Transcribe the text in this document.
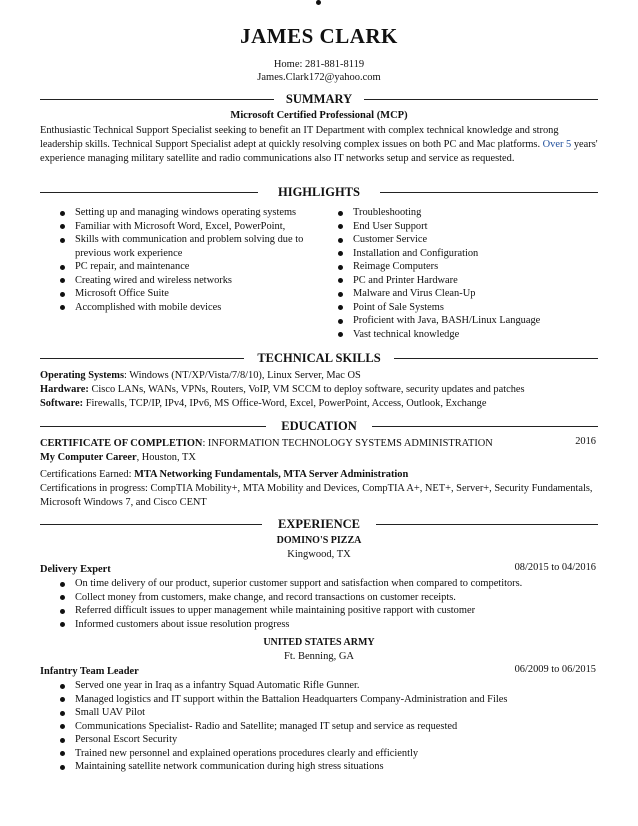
JAMES CLARK
Home: 281-881-8119
James.Clark172@yahoo.com
SUMMARY
Microsoft Certified Professional (MCP)
Enthusiastic Technical Support Specialist seeking to benefit an IT Department with complex technical knowledge and strong leadership skills. Technical Support Specialist adept at quickly resolving complex issues on both PC and Mac platforms. Over 5 years' experience managing military satellite and radio communications also IT networks setup and service as requested.
HIGHLIGHTS
Setting up and managing windows operating systems
Familiar with Microsoft Word, Excel, PowerPoint,
Skills with communication and problem solving due to previous work experience
PC repair, and maintenance
Creating wired and wireless networks
Microsoft Office Suite
Accomplished with mobile devices
Troubleshooting
End User Support
Customer Service
Installation and Configuration
Reimage Computers
PC and Printer Hardware
Malware and Virus Clean-Up
Point of Sale Systems
Proficient with Java, BASH/Linux Language
Vast technical knowledge
TECHNICAL SKILLS
Operating Systems: Windows (NT/XP/Vista/7/8/10), Linux Server, Mac OS
Hardware: Cisco LANs, WANs, VPNs, Routers, VoIP, VM SCCM to deploy software, security updates and patches
Software: Firewalls, TCP/IP, IPv4, IPv6, MS Office-Word, Excel, PowerPoint, Access, Outlook, Exchange
EDUCATION
CERTIFICATE OF COMPLETION: INFORMATION TECHNOLOGY SYSTEMS ADMINISTRATION	2016
My Computer Career, Houston, TX
Certifications Earned: MTA Networking Fundamentals, MTA Server Administration
Certifications in progress: CompTIA Mobility+, MTA Mobility and Devices, CompTIA A+, NET+, Server+, Security Fundamentals, Microsoft Windows 7, and Cisco CENT
EXPERIENCE
DOMINO'S PIZZA
Kingwood, TX
Delivery Expert	08/2015 to 04/2016
On time delivery of our product, superior customer support and satisfaction when compared to competitors.
Collect money from customers, make change, and record transactions on customer receipts.
Referred difficult issues to upper management while maintaining positive rapport with customer
Informed customers about issue resolution progress
UNITED STATES ARMY
Ft. Benning, GA
Infantry Team Leader	06/2009 to 06/2015
Served one year in Iraq as a infantry Squad Automatic Rifle Gunner.
Managed logistics and IT support within the Battalion Headquarters Company-Administration and Files
Small UAV Pilot
Communications Specialist- Radio and Satellite; managed IT setup and service as requested
Personal Escort Security
Trained new personnel and explained operations procedures clearly and efficiently
Maintaining satellite network communication during high stress situations
